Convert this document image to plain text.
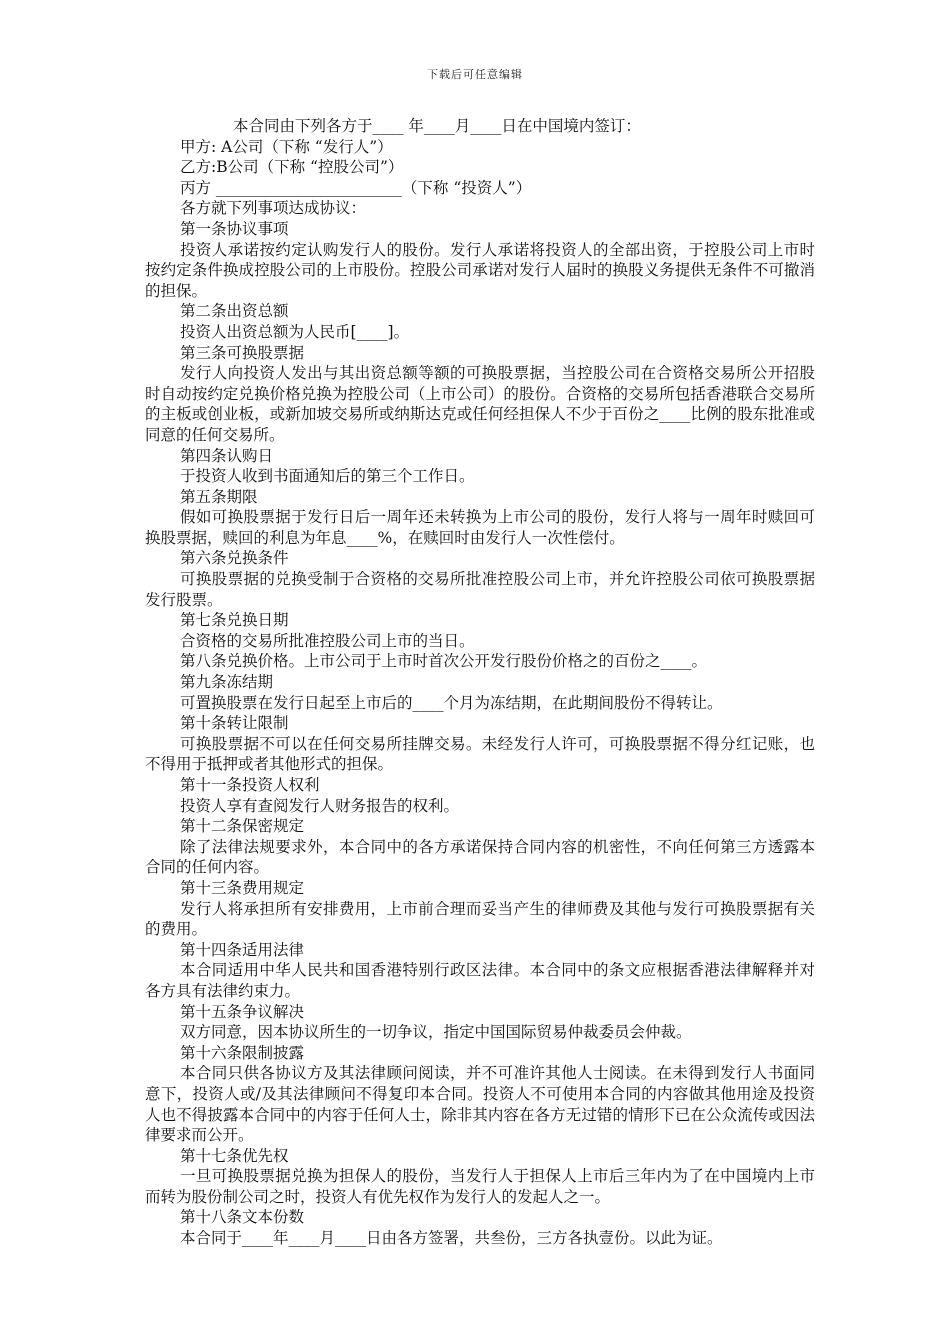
下载后可任意编辑

本合同由下列各方于____ 年____月____日在中国境内签订：

甲方: A公司（下称 “发行人”）

乙方:B公司（下称 “控股公司”）

丙方 ________________________（下称 “投资人”）

各方就下列事项达成协议：

第一条协议事项

投资人承诺按约定认购发行人的股份。发行人承诺将投资人的全部出资，于控股公司上市时按约定条件换成控股公司的上市股份。控股公司承诺对发行人届时的换股义务提供无条件不可撤消的担保。

第二条出资总额

投资人出资总额为人民币[____]。

第三条可换股票据

发行人向投资人发出与其出资总额等额的可换股票据，当控股公司在合资格交易所公开招股时自动按约定兑换价格兑换为控股公司（上市公司）的股份。合资格的交易所包括香港联合交易所的主板或创业板，或新加坡交易所或纳斯达克或任何经担保人不少于百份之____比例的股东批准或同意的任何交易所。

第四条认购日

于投资人收到书面通知后的第三个工作日。

第五条期限

假如可换股票据于发行日后一周年还未转换为上市公司的股份，发行人将与一周年时赎回可换股票据，赎回的利息为年息____%，在赎回时由发行人一次性偿付。

第六条兑换条件

可换股票据的兑换受制于合资格的交易所批准控股公司上市，并允许控股公司依可换股票据发行股票。

第七条兑换日期

合资格的交易所批准控股公司上市的当日。

第八条兑换价格。上市公司于上市时首次公开发行股份价格之的百份之____。

第九条冻结期

可置换股票在发行日起至上市后的____个月为冻结期，在此期间股份不得转让。

第十条转让限制

可换股票据不可以在任何交易所挂牌交易。未经发行人许可，可换股票据不得分红记账，也不得用于抵押或者其他形式的担保。

第十一条投资人权利

投资人享有查阅发行人财务报告的权利。

第十二条保密规定

除了法律法规要求外，本合同中的各方承诺保持合同内容的机密性，不向任何第三方透露本合同的任何内容。

第十三条费用规定

发行人将承担所有安排费用，上市前合理而妥当产生的律师费及其他与发行可换股票据有关的费用。

第十四条适用法律

本合同适用中华人民共和国香港特别行政区法律。本合同中的条文应根据香港法律解释并对各方具有法律约束力。

第十五条争议解决

双方同意，因本协议所生的一切争议，指定中国国际贸易仲裁委员会仲裁。

第十六条限制披露

本合同只供各协议方及其法律顾问阅读，并不可准许其他人士阅读。在未得到发行人书面同意下，投资人或/及其法律顾问不得复印本合同。投资人不可使用本合同的内容做其他用途及投资人也不得披露本合同中的内容于任何人士，除非其内容在各方无过错的情形下已在公众流传或因法律要求而公开。

第十七条优先权

一旦可换股票据兑换为担保人的股份，当发行人于担保人上市后三年内为了在中国境内上市而转为股份制公司之时，投资人有优先权作为发行人的发起人之一。

第十八条文本份数

本合同于____年____月____日由各方签署，共叁份，三方各执壹份。以此为证。
